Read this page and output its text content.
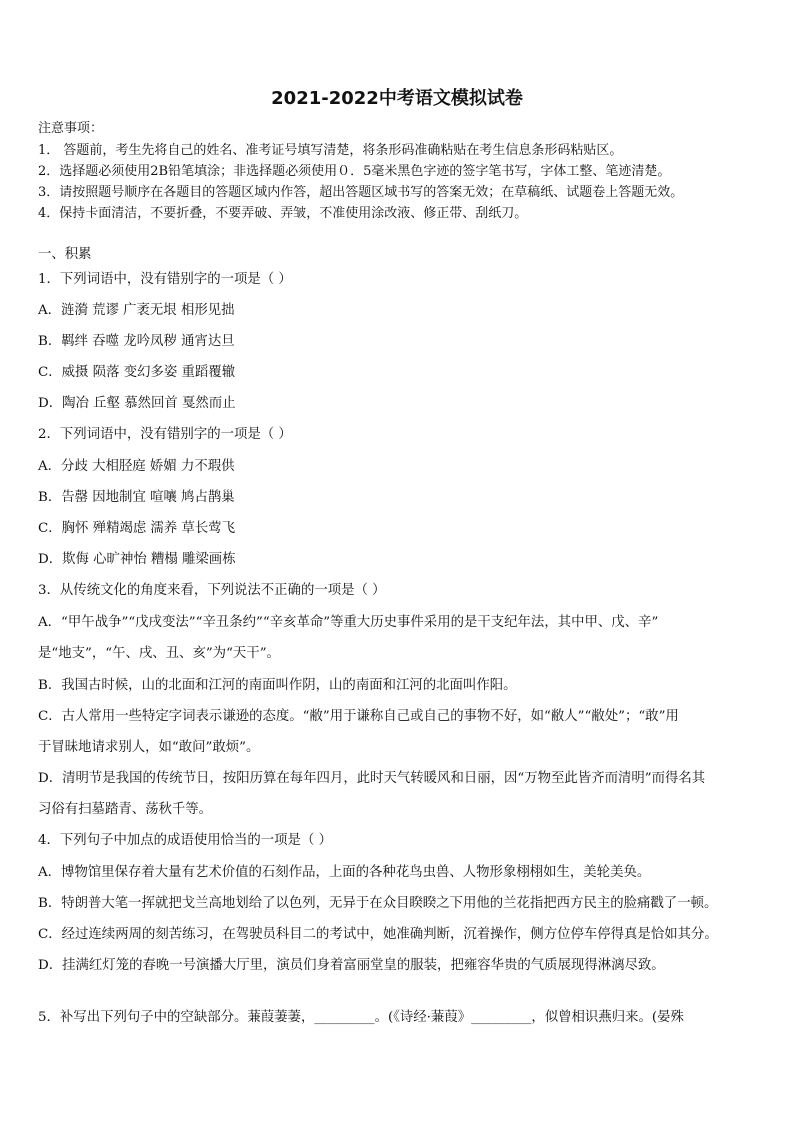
2021-2022中考语文模拟试卷
注意事项：
1． 答题前，考生先将自己的姓名、准考证号填写清楚，将条形码准确粘贴在考生信息条形码粘贴区。
2．选择题必须使用2B铅笔填涂；非选择题必须使用０．5毫米黑色字迹的签字笔书写，字体工整、笔迹清楚。
3．请按照题号顺序在各题目的答题区域内作答，超出答题区域书写的答案无效；在草稿纸、试题卷上答题无效。
4．保持卡面清洁，不要折叠，不要弄破、弄皱，不准使用涂改液、修正带、刮纸刀。
一、积累
1．下列词语中，没有错别字的一项是（ ）
A．涟漪 荒谬 广袤无垠 相形见拙
B．羁绊 吞噬 龙吟凤秽 通宵达旦
C．威摄 陨落 变幻多姿 重蹈覆辙
D．陶冶 丘壑 慕然回首 戛然而止
2．下列词语中，没有错别字的一项是（ ）
A．分歧 大相胫庭 娇媚 力不瑕供
B．告罄 因地制宜 喧嚷 鸠占鹊巢
C．胸怀 殚精竭虑 濡养 草长莺飞
D．欺侮 心旷神怡 糟榻 雕梁画栋
3．从传统文化的角度来看，下列说法不正确的一项是（ ）
A．“甲午战争”“戊戌变法”“辛丑条约”“辛亥革命”等重大历史事件采用的是干支纪年法，其中甲、戊、辛”
是“地支”，“午、戌、丑、亥”为“天干”。
B．我国古时候，山的北面和江河的南面叫作阴，山的南面和江河的北面叫作阳。
C．古人常用一些特定字词表示谦逊的态度。“敝”用于谦称自己或自己的事物不好，如“敝人”“敝处”；“敢”用
于冒昧地请求别人，如“敢问”敢烦”。
D．清明节是我国的传统节日，按阳历算在每年四月，此时天气转暖风和日丽，因“万物至此皆齐而清明”而得名其
习俗有扫墓踏青、荡秋千等。
4．下列句子中加点的成语使用恰当的一项是（ ）
A．博物馆里保存着大量有艺术价值的石刻作品，上面的各种花鸟虫兽、人物形象栩栩如生，美轮美奂。
B．特朗普大笔一挥就把戈兰高地划给了以色列，无异于在众目睽睽之下用他的兰花指把西方民主的脸痛戳了一顿。
C．经过连续两周的刻苦练习，在驾驶员科目二的考试中，她准确判断，沉着操作，侧方位停车停得真是恰如其分。
D．挂满红灯笼的春晚一号演播大厅里，演员们身着富丽堂皇的服装，把雍容华贵的气质展现得淋漓尽致。
5．补写出下列句子中的空缺部分。蒹葭萋萋，_________。(《诗经·蒹葭》_________，似曾相识燕归来。(晏殊
